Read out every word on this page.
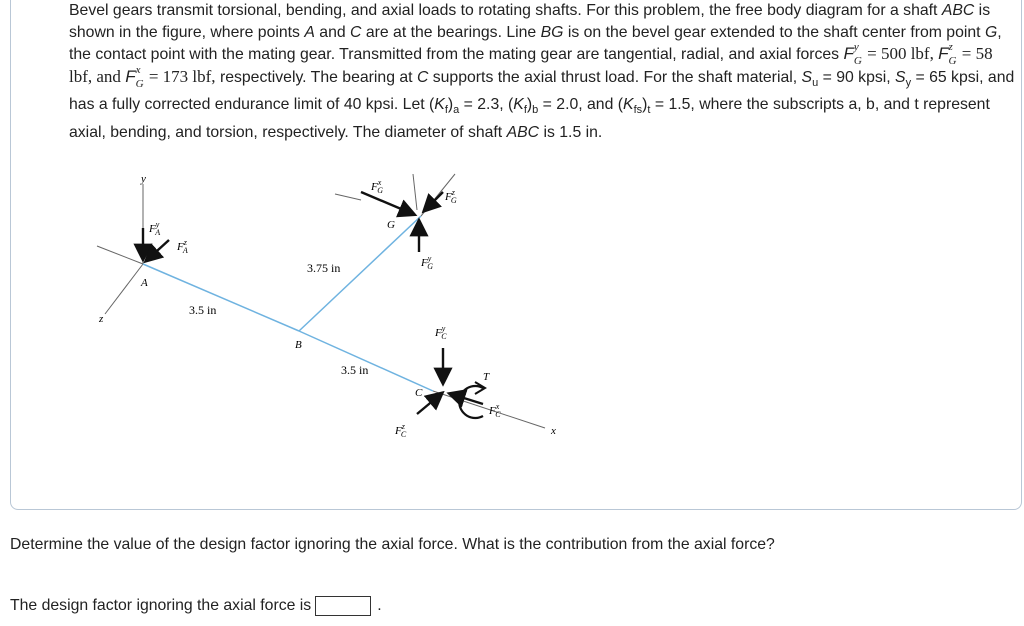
Bevel gears transmit torsional, bending, and axial loads to rotating shafts. For this problem, the free body diagram for a shaft ABC is shown in the figure, where points A and C are at the bearings. Line BG is on the bevel gear extended to the shaft center from point G, the contact point with the mating gear. Transmitted from the mating gear are tangential, radial, and axial forces F y
G = 500 lbf, F z
G = 58 lbf, and F x
G = 173 lbf, respectively. The bearing at C supports the axial thrust load. For the shaft material, $S_u = 90$ kpsi, $S_y = 65$ kpsi, and has a fully corrected endurance limit of 40 kpsi. Let $(K_f)_a = 2.3$, $(K_f)_b = 2.0$, and $(K_{fs})_t = 1.5$, where the subscripts a, b, and t represent axial, bending, and torsion, respectively. The diameter of shaft ABC is 1.5 in.

y
z
x
A
B
C
G
3.5 in
3.75 in
3.5 in
$F^y$ A
$F^z$ A
$F^x$ G
$F^z$ G
$F^y$ G
$F^y$ C
$F^z$ C
$F^x$ C
T

Determine the value of the design factor ignoring the axial force. What is the contribution from the axial force?

The design factor ignoring the axial force is	.
